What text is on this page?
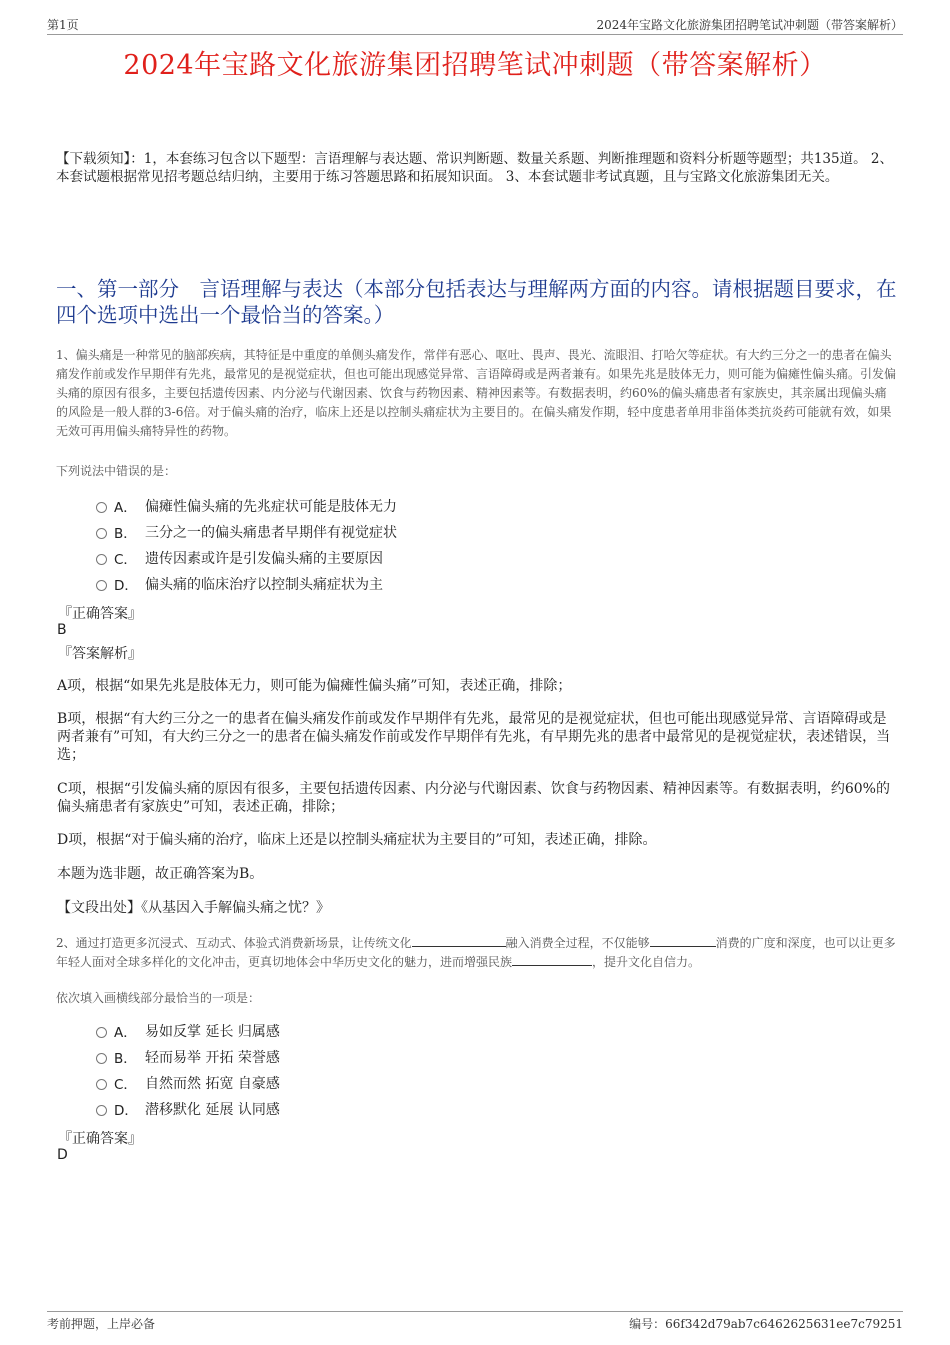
第1页	2024年宝路文化旅游集团招聘笔试冲刺题（带答案解析）
2024年宝路文化旅游集团招聘笔试冲刺题（带答案解析）
【下载须知】：1，本套练习包含以下题型：言语理解与表达题、常识判断题、数量关系题、判断推理题和资料分析题等题型；共135道。 2、本套试题根据常见招考题总结归纳，主要用于练习答题思路和拓展知识面。 3、本套试题非考试真题，且与宝路文化旅游集团无关。
一、第一部分　言语理解与表达（本部分包括表达与理解两方面的内容。请根据题目要求，在四个选项中选出一个最恰当的答案。）
1、偏头痛是一种常见的脑部疾病，其特征是中重度的单侧头痛发作，常伴有恶心、呕吐、畏声、畏光、流眼泪、打哈欠等症状。有大约三分之一的患者在偏头痛发作前或发作早期伴有先兆，最常见的是视觉症状，但也可能出现感觉异常、言语障碍或是两者兼有。如果先兆是肢体无力，则可能为偏瘫性偏头痛。引发偏头痛的原因有很多，主要包括遗传因素、内分泌与代谢因素、饮食与药物因素、精神因素等。有数据表明，约60%的偏头痛患者有家族史，其亲属出现偏头痛的风险是一般人群的3-6倍。对于偏头痛的治疗，临床上还是以控制头痛症状为主要目的。在偏头痛发作期，轻中度患者单用非甾体类抗炎药可能就有效，如果无效可再用偏头痛特异性的药物。
下列说法中错误的是：
A． 偏瘫性偏头痛的先兆症状可能是肢体无力
B． 三分之一的偏头痛患者早期伴有视觉症状
C． 遗传因素或许是引发偏头痛的主要原因
D． 偏头痛的临床治疗以控制头痛症状为主
『正确答案』
B
『答案解析』
A项，根据“如果先兆是肢体无力，则可能为偏瘫性偏头痛”可知，表述正确，排除；
B项，根据“有大约三分之一的患者在偏头痛发作前或发作早期伴有先兆，最常见的是视觉症状，但也可能出现感觉异常、言语障碍或是两者兼有”可知，有大约三分之一的患者在偏头痛发作前或发作早期伴有先兆，有早期先兆的患者中最常见的是视觉症状，表述错误，当选；
C项，根据“引发偏头痛的原因有很多，主要包括遗传因素、内分泌与代谢因素、饮食与药物因素、精神因素等。有数据表明，约60%的偏头痛患者有家族史”可知，表述正确，排除；
D项，根据“对于偏头痛的治疗，临床上还是以控制头痛症状为主要目的”可知，表述正确，排除。
本题为选非题，故正确答案为B。
【文段出处】《从基因入手解偏头痛之忧？》
2、通过打造更多沉浸式、互动式、体验式消费新场景，让传统文化	融入消费全过程，不仅能够	消费的广度和深度，也可以让更多年轻人面对全球多样化的文化冲击，更真切地体会中华历史文化的魅力，进而增强民族	，提升文化自信力。
依次填入画横线部分最恰当的一项是：
A． 易如反掌 延长 归属感
B． 轻而易举 开拓 荣誉感
C． 自然而然 拓宽 自豪感
D． 潜移默化 延展 认同感
『正确答案』
D
考前押题，上岸必备	编号：66f342d79ab7c6462625631ee7c79251
